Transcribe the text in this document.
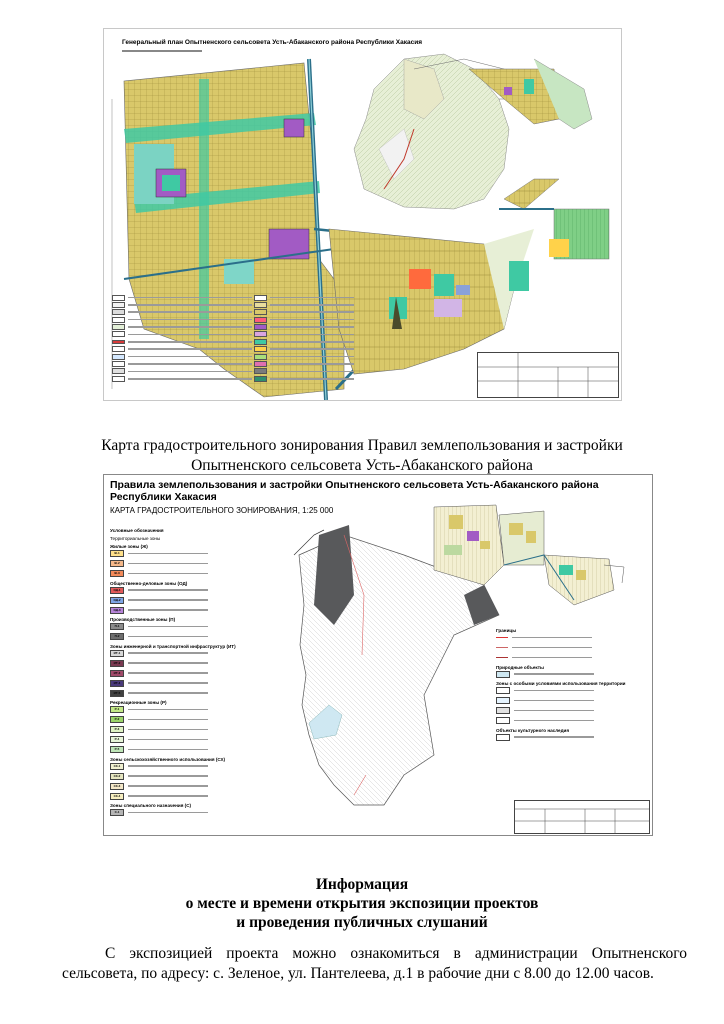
Генеральный план Опытненского сельсовета Усть-Абаканского района Республики Хакасия
Карта градостроительного зонирования Правил землепользования и застройки
Опытненского сельсовета Усть-Абаканского района
Правила землепользования и застройки Опытненского сельсовета Усть-Абаканского района
Республики Хакасия
КАРТА ГРАДОСТРОИТЕЛЬНОГО ЗОНИРОВАНИЯ, 1:25 000
Условные обозначения
Территориальные зоны
Жилые зоны (Ж)
Ж-1
Ж-2
Ж-3
Общественно-деловые зоны (ОД)
ОД-1
ОД-2
ОД-3
Производственные зоны (П)
П-1
П-2
Зоны инженерной и транспортной инфраструктур (ИТ)
ИТ-1
ИТ-2
ИТ-3
ИТ-4
ИТ-5
Рекреационные зоны (Р)
Р-1
Р-2
Р-3
Р-4
Р-5
Зоны сельскохозяйственного использования (СХ)
СХ-1
СХ-2
СХ-3
СХ-4
Зоны специального назначения (С)
С-1
Границы
Природные объекты
Зоны с особыми условиями использования территории
Объекты культурного наследия
Информация
о месте и времени открытия экспозиции проектов
и проведения публичных слушаний
С экспозицией проекта можно ознакомиться в администрации Опытненского
сельсовета, по адресу: с. Зеленое, ул. Пантелеева, д.1 в рабочие дни с 8.00 до 12.00 часов.
